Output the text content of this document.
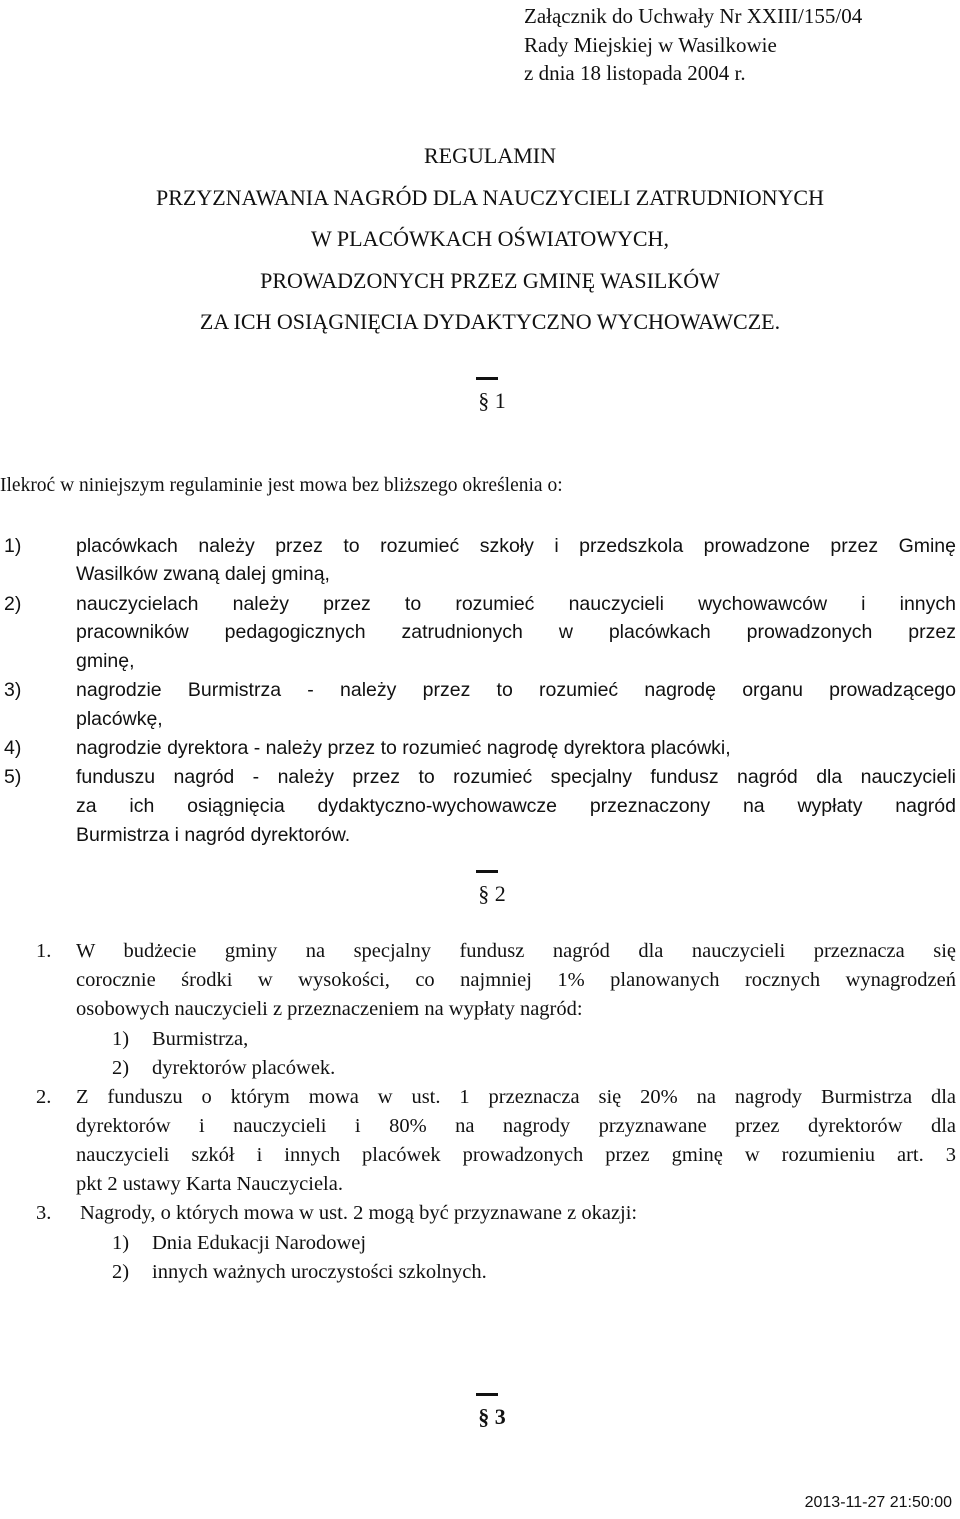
Załącznik do Uchwały Nr XXIII/155/04
Rady Miejskiej w Wasilkowie
z dnia 18 listopada 2004 r.
REGULAMIN
PRZYZNAWANIA NAGRÓD DLA NAUCZYCIELI ZATRUDNIONYCH
W PLACÓWKACH OŚWIATOWYCH,
PROWADZONYCH PRZEZ GMINĘ WASILKÓW
ZA ICH OSIĄGNIĘCIA DYDAKTYCZNO WYCHOWAWCZE.
§ 1
Ilekroć w niniejszym regulaminie jest mowa bez bliższego określenia o:
1)	placówkach należy przez to rozumieć szkoły i przedszkola prowadzone przez Gminę
Wasilków zwaną dalej gminą,
2)	nauczycielach należy przez to rozumieć nauczycieli wychowawców i innych
pracowników pedagogicznych zatrudnionych w placówkach prowadzonych przez
gminę,
3)	nagrodzie Burmistrza - należy przez to rozumieć nagrodę organu prowadzącego
placówkę,
4)	nagrodzie dyrektora - należy przez to rozumieć nagrodę dyrektora placówki,
5)	funduszu nagród - należy przez to rozumieć specjalny fundusz nagród dla nauczycieli
za ich osiągnięcia dydaktyczno-wychowawcze przeznaczony na wypłaty nagród
Burmistrza i nagród dyrektorów.
§ 2
1. W budżecie gminy na specjalny fundusz nagród dla nauczycieli przeznacza się
corocznie środki w wysokości, co najmniej 1% planowanych rocznych wynagrodzeń
osobowych nauczycieli z przeznaczeniem na wypłaty nagród:
1) Burmistrza,
2) dyrektorów placówek.
2. Z funduszu o którym mowa w ust. 1 przeznacza się 20% na nagrody Burmistrza dla
dyrektorów i nauczycieli i 80% na nagrody przyznawane przez dyrektorów dla
nauczycieli szkół i innych placówek prowadzonych przez gminę w rozumieniu art. 3
pkt 2 ustawy Karta Nauczyciela.
3. Nagrody, o których mowa w ust. 2 mogą być przyznawane z okazji:
1) Dnia Edukacji Narodowej
2) innych ważnych uroczystości szkolnych.
§ 3
2013-11-27 21:50:00
